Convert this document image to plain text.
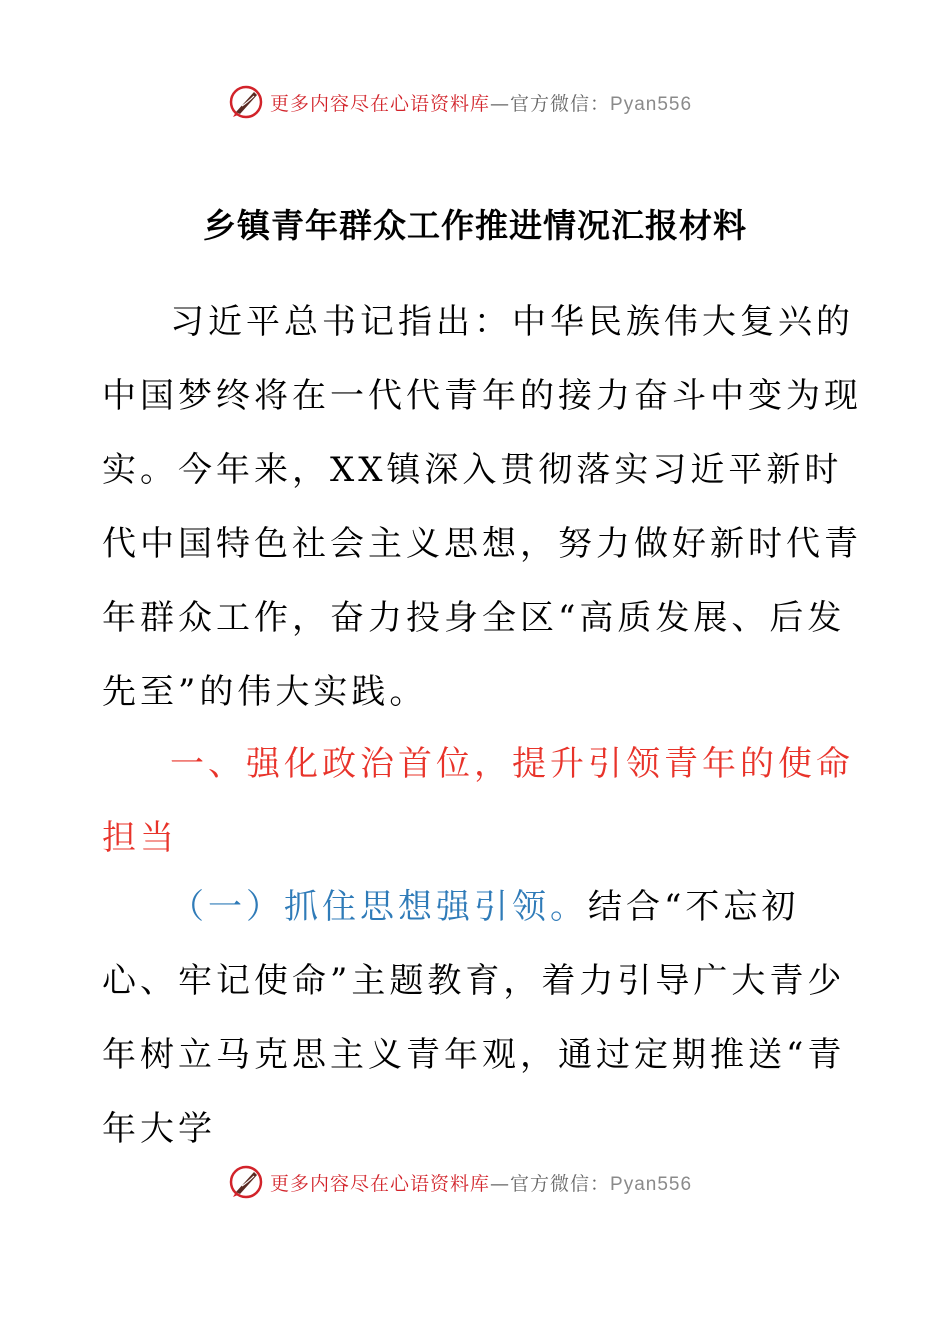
更多内容尽在心语资料库—官方微信：Pyan556
乡镇青年群众工作推进情况汇报材料

习近平总书记指出：中华民族伟大复兴的中国梦终将在一代代青年的接力奋斗中变为现实。今年来，XX镇深入贯彻落实习近平新时代中国特色社会主义思想，努力做好新时代青年群众工作，奋力投身全区“高质发展、后发先至”的伟大实践。

一、强化政治首位，提升引领青年的使命担当

（一）抓住思想强引领。结合“不忘初心、牢记使命”主题教育，着力引导广大青少年树立马克思主义青年观，通过定期推送“青年大学

更多内容尽在心语资料库—官方微信：Pyan556
